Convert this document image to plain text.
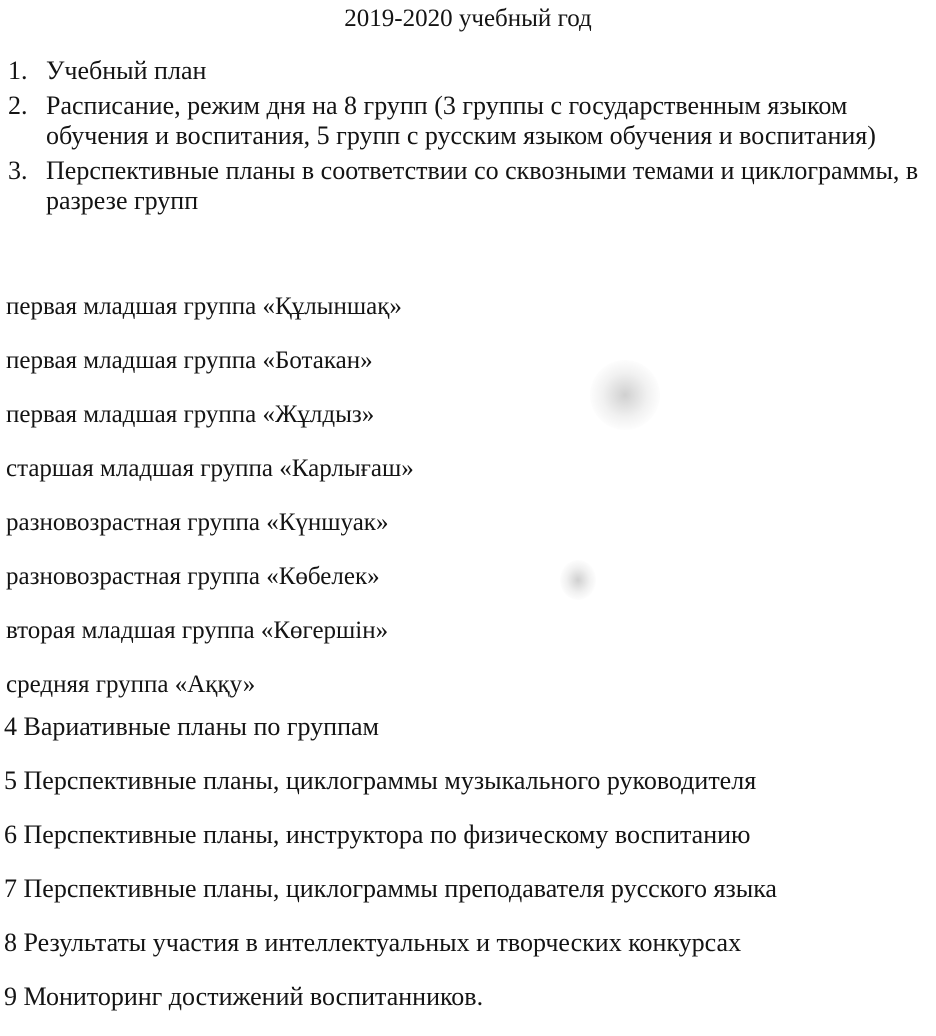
2019-2020 учебный год
1. Учебный план
2. Расписание, режим дня на 8 групп (3 группы с государственным языком обучения и воспитания, 5 групп с русским языком обучения и воспитания)
3. Перспективные планы в соответствии со сквозными темами и циклограммы, в разрезе групп
первая младшая группа «Құлыншақ»
первая младшая группа «Ботакан»
первая младшая группа «Жұлдыз»
старшая младшая группа «Карлығаш»
разновозрастная группа «Күншуак»
разновозрастная группа «Көбелек»
вторая младшая группа «Көгершін»
средняя группа «Аққу»
4 Вариативные планы по группам
5 Перспективные планы, циклограммы музыкального руководителя
6 Перспективные планы, инструктора по физическому воспитанию
7 Перспективные планы, циклограммы преподавателя русского языка
8 Результаты участия в интеллектуальных и творческих конкурсах
9 Мониторинг достижений воспитанников.
